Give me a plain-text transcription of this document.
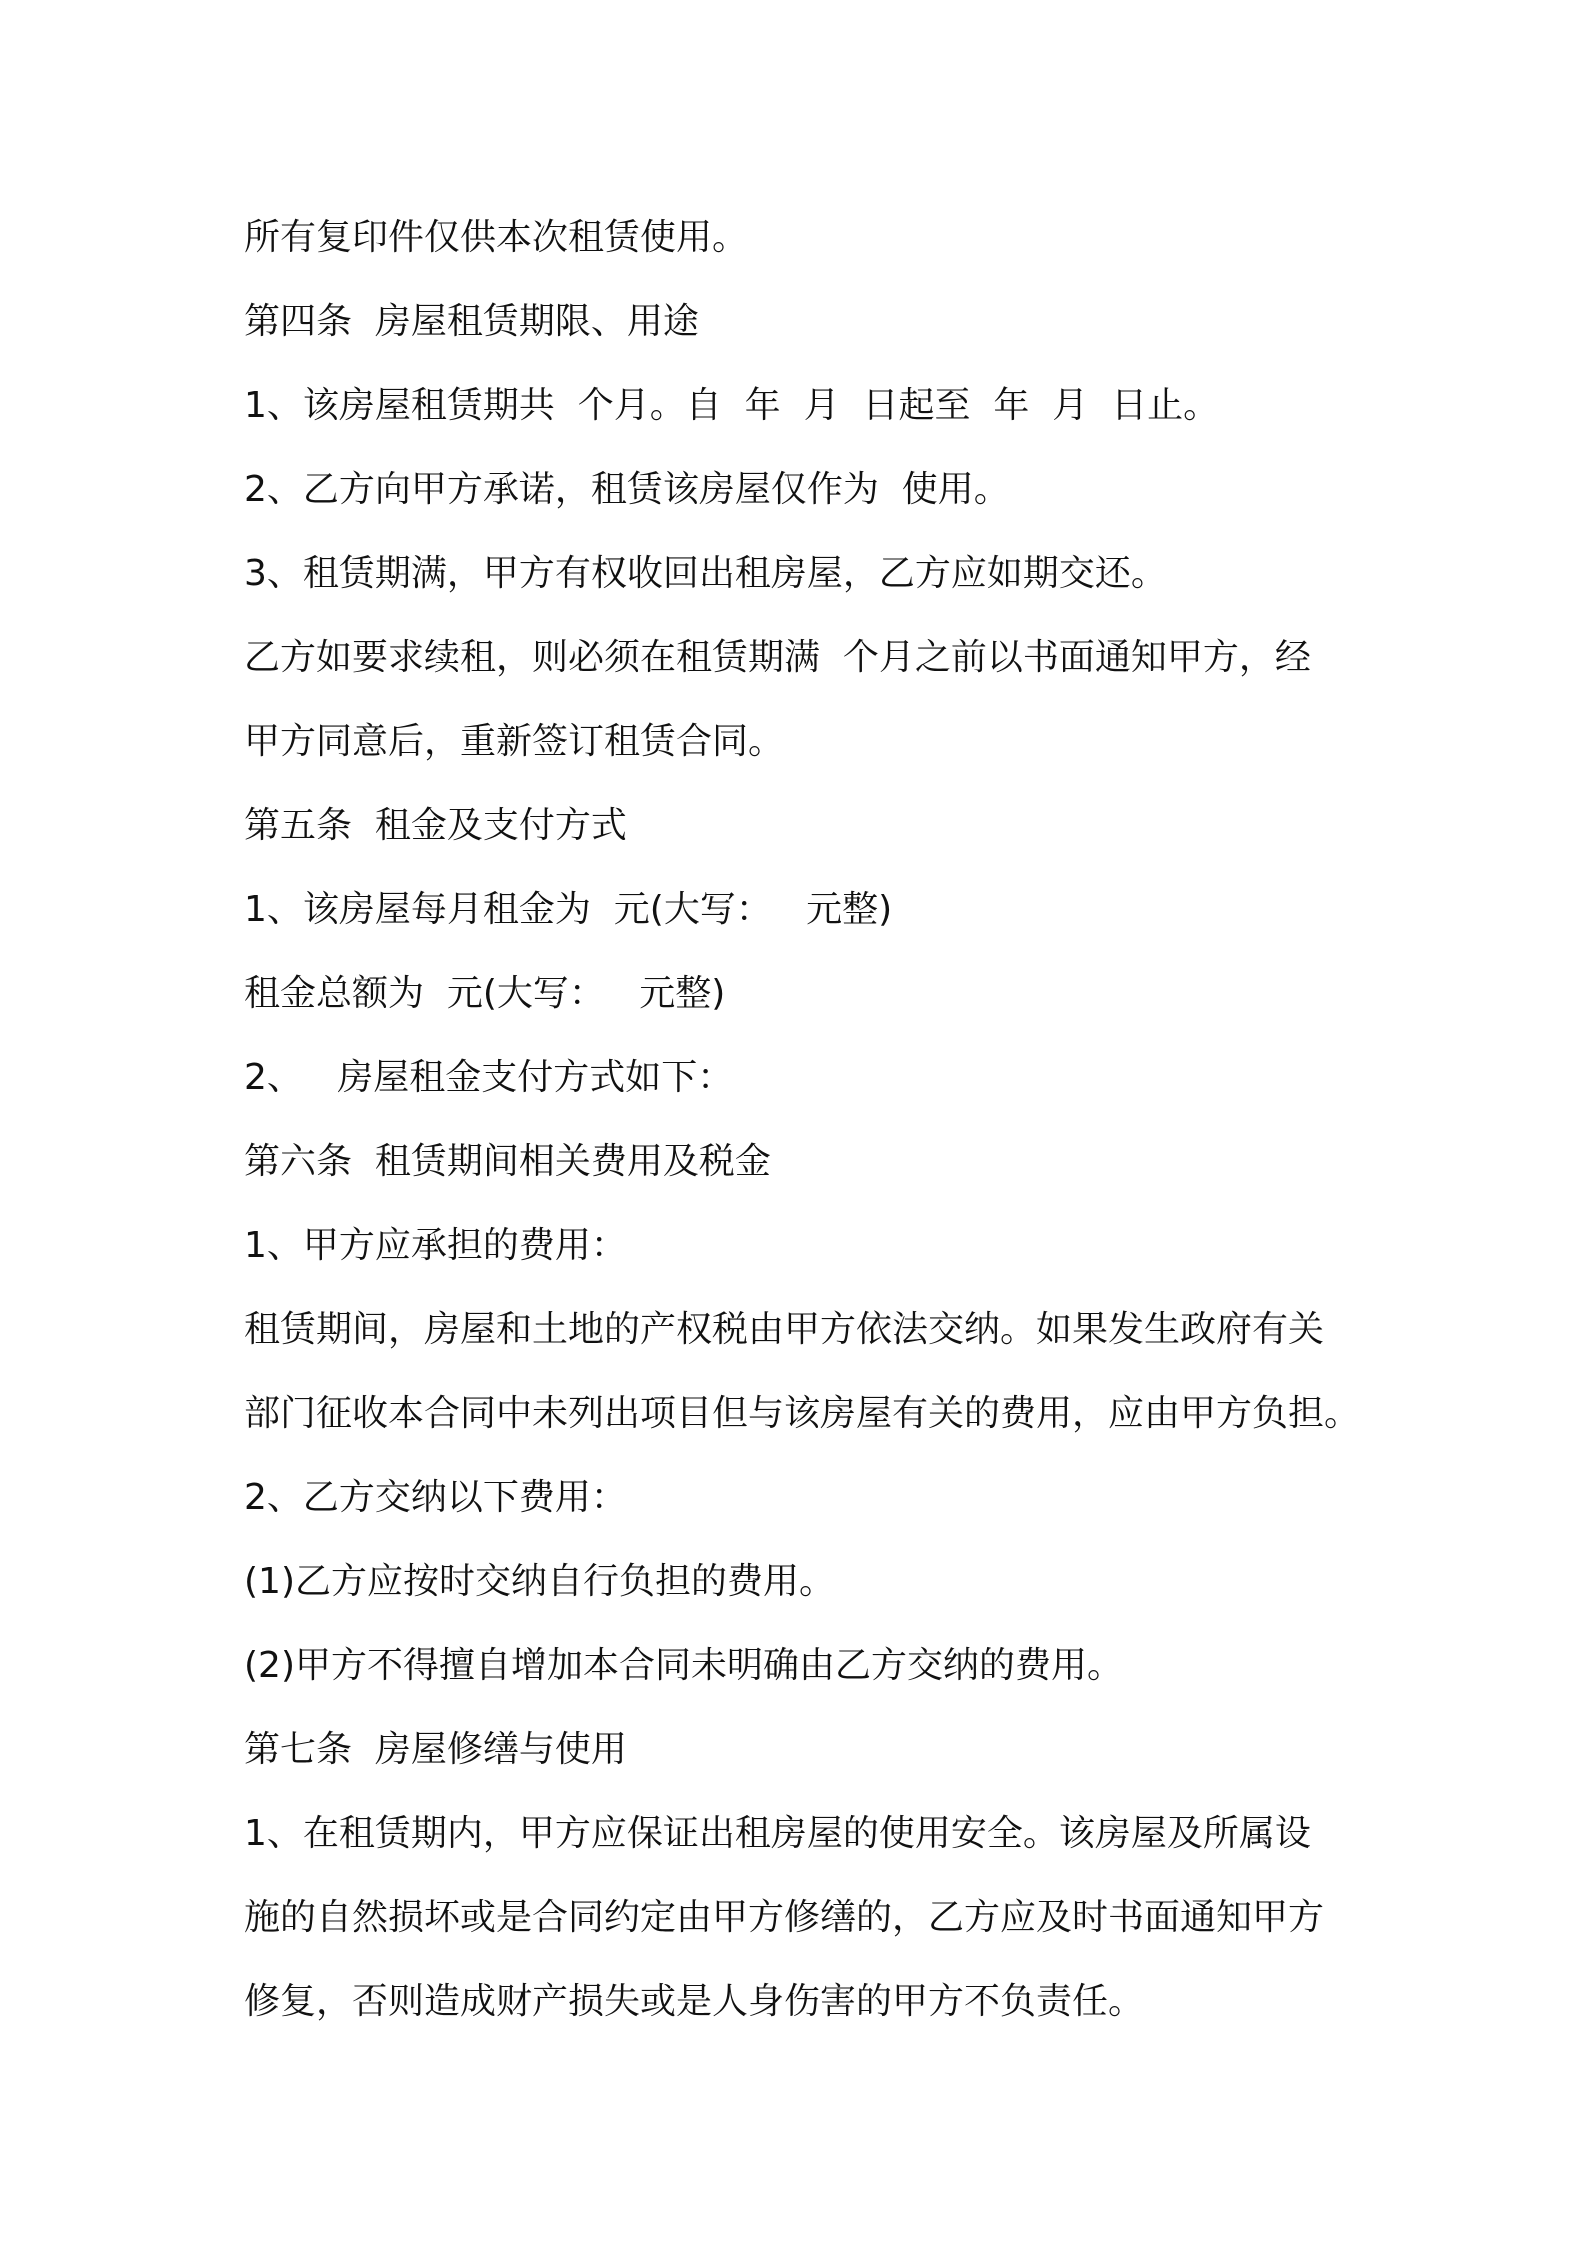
所有复印件仅供本次租赁使用。
第四条  房屋租赁期限、用途
1、该房屋租赁期共  个月。自  年  月  日起至  年  月  日止。
2、乙方向甲方承诺，租赁该房屋仅作为  使用。
3、租赁期满，甲方有权收回出租房屋，乙方应如期交还。
乙方如要求续租，则必须在租赁期满  个月之前以书面通知甲方，经
甲方同意后，重新签订租赁合同。
第五条  租金及支付方式
1、该房屋每月租金为  元(大写：   元整)
租金总额为  元(大写：   元整)
2、   房屋租金支付方式如下：
第六条  租赁期间相关费用及税金
1、甲方应承担的费用：
租赁期间，房屋和土地的产权税由甲方依法交纳。如果发生政府有关
部门征收本合同中未列出项目但与该房屋有关的费用，应由甲方负担。
2、乙方交纳以下费用：
(1)乙方应按时交纳自行负担的费用。
(2)甲方不得擅自增加本合同未明确由乙方交纳的费用。
第七条  房屋修缮与使用
1、在租赁期内，甲方应保证出租房屋的使用安全。该房屋及所属设
施的自然损坏或是合同约定由甲方修缮的，乙方应及时书面通知甲方
修复，否则造成财产损失或是人身伤害的甲方不负责任。
